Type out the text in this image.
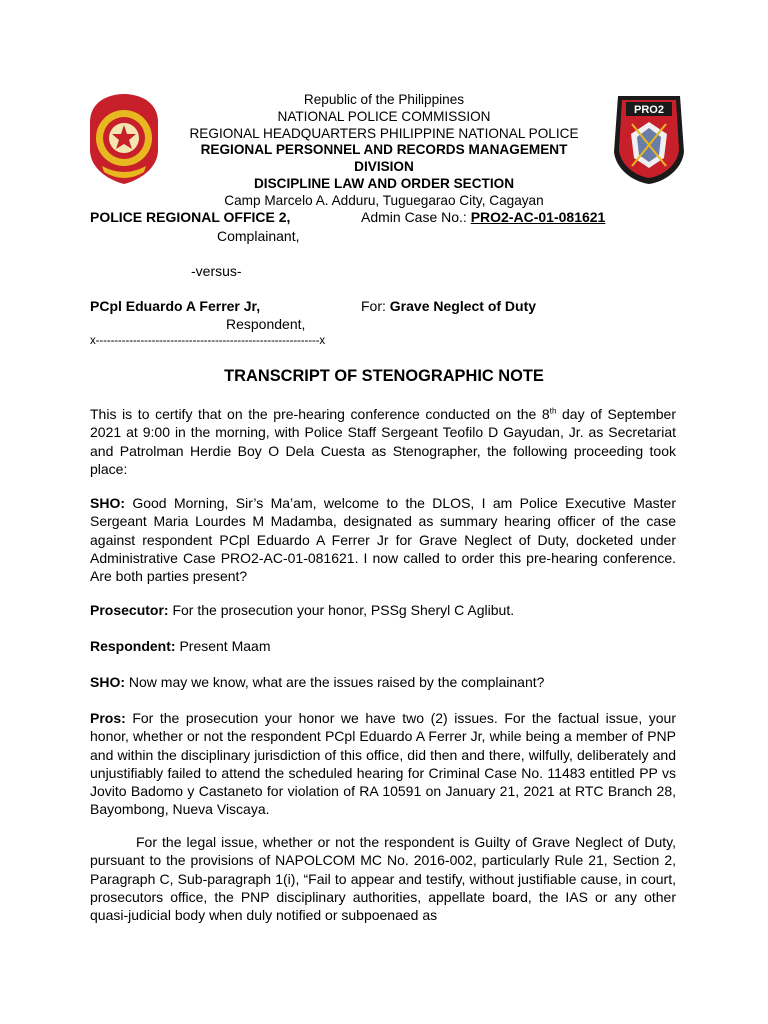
Republic of the Philippines
NATIONAL POLICE COMMISSION
REGIONAL HEADQUARTERS PHILIPPINE NATIONAL POLICE
REGIONAL PERSONNEL AND RECORDS MANAGEMENT DIVISION
DISCIPLINE LAW AND ORDER SECTION
Camp Marcelo A. Adduru, Tuguegarao City, Cagayan
PRO2
POLICE REGIONAL OFFICE 2,	Admin Case No.: PRO2-AC-01-081621
Complainant,
-versus-
PCpl Eduardo A Ferrer Jr,	For: Grave Neglect of Duty
Respondent,
x------------------------------------------------------------x
TRANSCRIPT OF STENOGRAPHIC NOTE
This is to certify that on the pre-hearing conference conducted on the 8th day of September 2021 at 9:00 in the morning, with Police Staff Sergeant Teofilo D Gayudan, Jr. as Secretariat and Patrolman Herdie Boy O Dela Cuesta as Stenographer, the following proceeding took place:
SHO: Good Morning, Sir’s Ma’am, welcome to the DLOS, I am Police Executive Master Sergeant Maria Lourdes M Madamba, designated as summary hearing officer of the case against respondent PCpl Eduardo A Ferrer Jr for Grave Neglect of Duty, docketed under Administrative Case PRO2-AC-01-081621. I now called to order this pre-hearing conference. Are both parties present?
Prosecutor: For the prosecution your honor, PSSg Sheryl C Aglibut.
Respondent: Present Maam
SHO: Now may we know, what are the issues raised by the complainant?
Pros: For the prosecution your honor we have two (2) issues. For the factual issue, your honor, whether or not the respondent PCpl Eduardo A Ferrer Jr, while being a member of PNP and within the disciplinary jurisdiction of this office, did then and there, wilfully, deliberately and unjustifiably failed to attend the scheduled hearing for Criminal Case No. 11483 entitled PP vs Jovito Badomo y Castaneto for violation of RA 10591 on January 21, 2021 at RTC Branch 28, Bayombong, Nueva Viscaya.
For the legal issue, whether or not the respondent is Guilty of Grave Neglect of Duty, pursuant to the provisions of NAPOLCOM MC No. 2016-002, particularly Rule 21, Section 2, Paragraph C, Sub-paragraph 1(i), “Fail to appear and testify, without justifiable cause, in court, prosecutors office, the PNP disciplinary authorities, appellate board, the IAS or any other quasi-judicial body when duly notified or subpoenaed as
